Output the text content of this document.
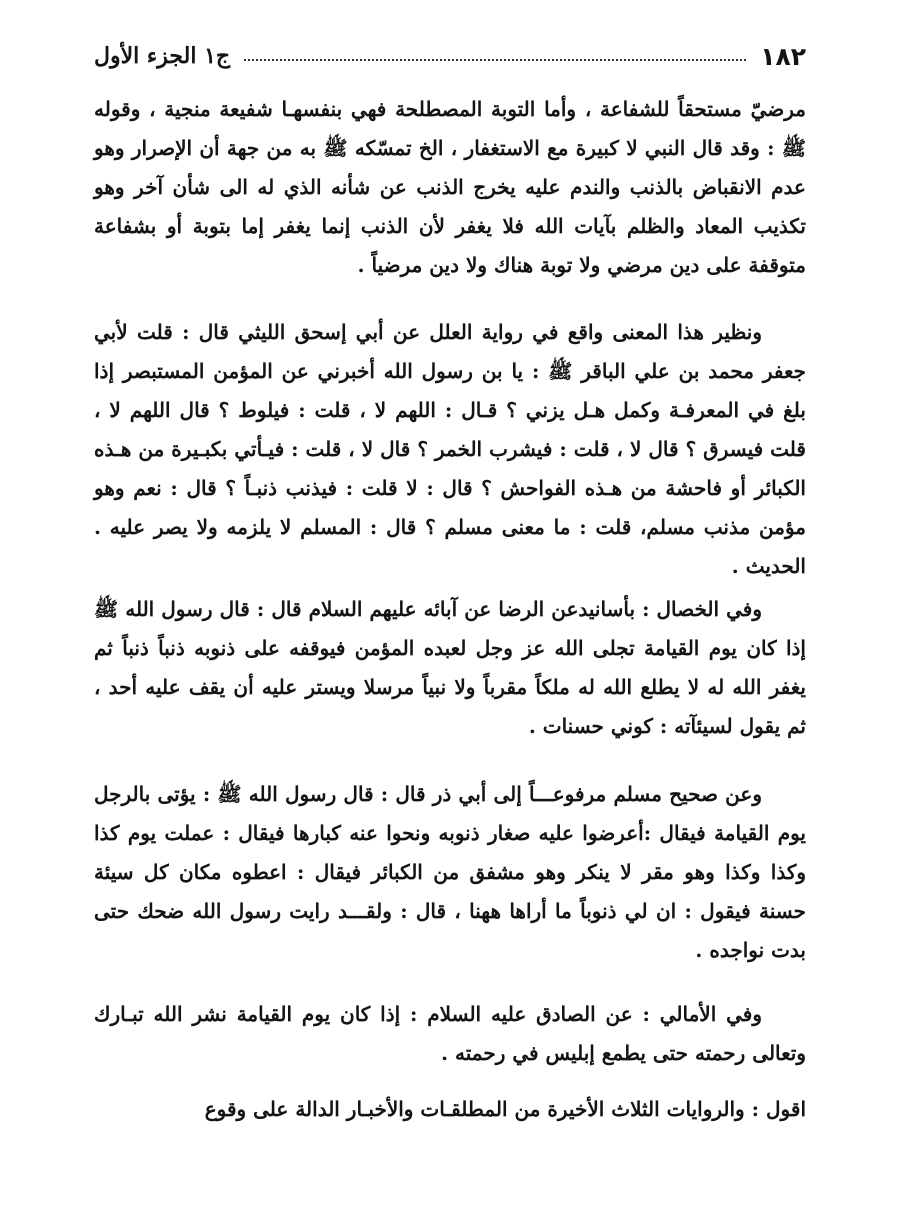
١٨٢
ج١ الجزء الأول

مرضيّ مستحقاً للشفاعة ، وأما التوبة المصطلحة فهي بنفسهـا شفيعة منجية ، وقوله ﷺ : وقد قال النبي لا كبيرة مع الاستغفار ، الخ تمسّكه ﷺ به من جهة أن الإصرار وهو عدم الانقباض بالذنب والندم عليه يخرج الذنب عن شأنه الذي له الى شأن آخر وهو تكذيب المعاد والظلم بآيات الله فلا يغفر لأن الذنب إنما يغفر إما بتوبة أو بشفاعة متوقفة على دين مرضي ولا توبة هناك ولا دين مرضياً .

ونظير هذا المعنى واقع في رواية العلل عن أبي إسحق الليثي قال : قلت لأبي جعفر محمد بن علي الباقر ﷺ : يا بن رسول الله أخبرني عن المؤمن المستبصر إذا بلغ في المعرفـة وكمل هـل يزني ؟ قـال : اللهم لا ، قلت : فيلوط ؟ قال اللهم لا ، قلت فيسرق ؟ قال لا ، قلت : فيشرب الخمر ؟ قال لا ، قلت : فيـأتي بكبـيرة من هـذه الكبائر أو فاحشة من هـذه الفواحش ؟ قال : لا قلت : فيذنب ذنبـاً ؟ قال : نعم وهو مؤمن مذنب مسلم، قلت : ما معنى مسلم ؟ قال : المسلم لا يلزمه ولا يصر عليه . الحديث .

وفي الخصال : بأسانيدعن الرضا عن آبائه عليهم السلام قال : قال رسول الله ﷺ إذا كان يوم القيامة تجلى الله عز وجل لعبده المؤمن فيوقفه على ذنوبه ذنباً ذنباً ثم يغفر الله له لا يطلع الله له ملكاً مقرباً ولا نبياً مرسلا ويستر عليه أن يقف عليه أحد ، ثم يقول لسيئآته : كوني حسنات .

وعن صحيح مسلم مرفوعـــاً إلى أبي ذر قال : قال رسول الله ﷺ : يؤتى بالرجل يوم القيامة فيقال :أعرضوا عليه صغار ذنوبه ونحوا عنه كبارها فيقال : عملت يوم كذا وكذا وكذا وهو مقر لا ينكر وهو مشفق من الكبائر فيقال : اعطوه مكان كل سيئة حسنة فيقول : ان لي ذنوباً ما أراها ههنا ، قال : ولقـــد رايت رسول الله ضحك حتى بدت نواجده .

وفي الأمالي : عن الصادق عليه السلام : إذا كان يوم القيامة نشر الله تبـارك وتعالى رحمته حتى يطمع إبليس في رحمته .

اقول : والروايات الثلاث الأخيرة من المطلقـات والأخبـار الدالة على وقوع
